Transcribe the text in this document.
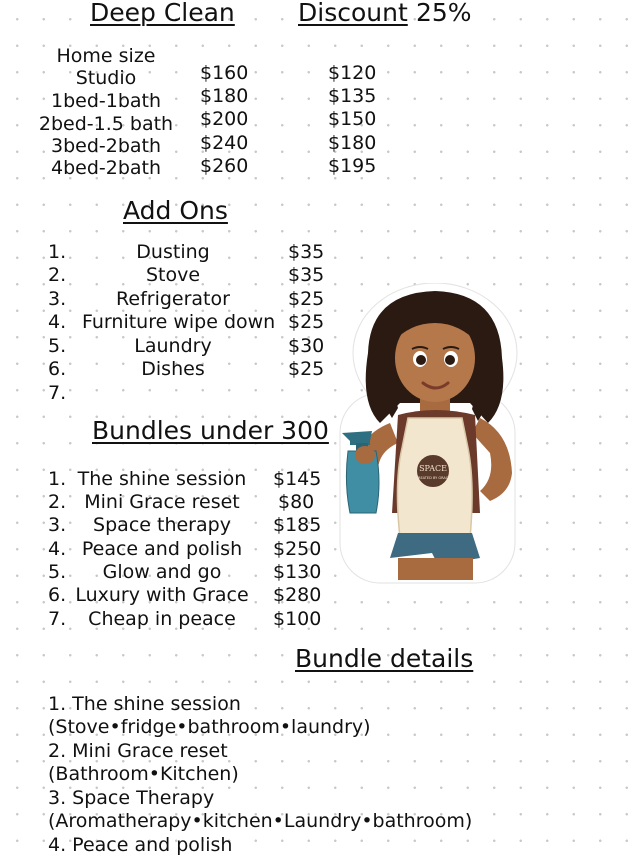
Deep Clean	Discount 25%
Home size
Studio	$160	$120
1bed-1bath $180	$135
2bed-1.5 bath $200	$150
3bed-2bath $240	$180
4bed-2bath $260	$195
Add Ons
1.	Dusting	$35
2.	Stove	$35
3.	Refrigerator	$25
4. Furniture wipe down $25
5.	Laundry	$30
6.	Dishes	$25
7.
Bundles under 300
1. The shine session $145
2. Mini Grace reset $80
3. Space therapy $185
4. Peace and polish $250
5. Glow and go	$130
6. Luxury with Grace $280
7. Cheap in peace $100
Bundle details
1. The shine session
(Stove•fridge•bathroom•laundry)
2. Mini Grace reset
(Bathroom•Kitchen)
3. Space Therapy
(Aromatherapy•kitchen•Laundry•bathroom)
4. Peace and polish
SPACE
CREATED BY GRACE
